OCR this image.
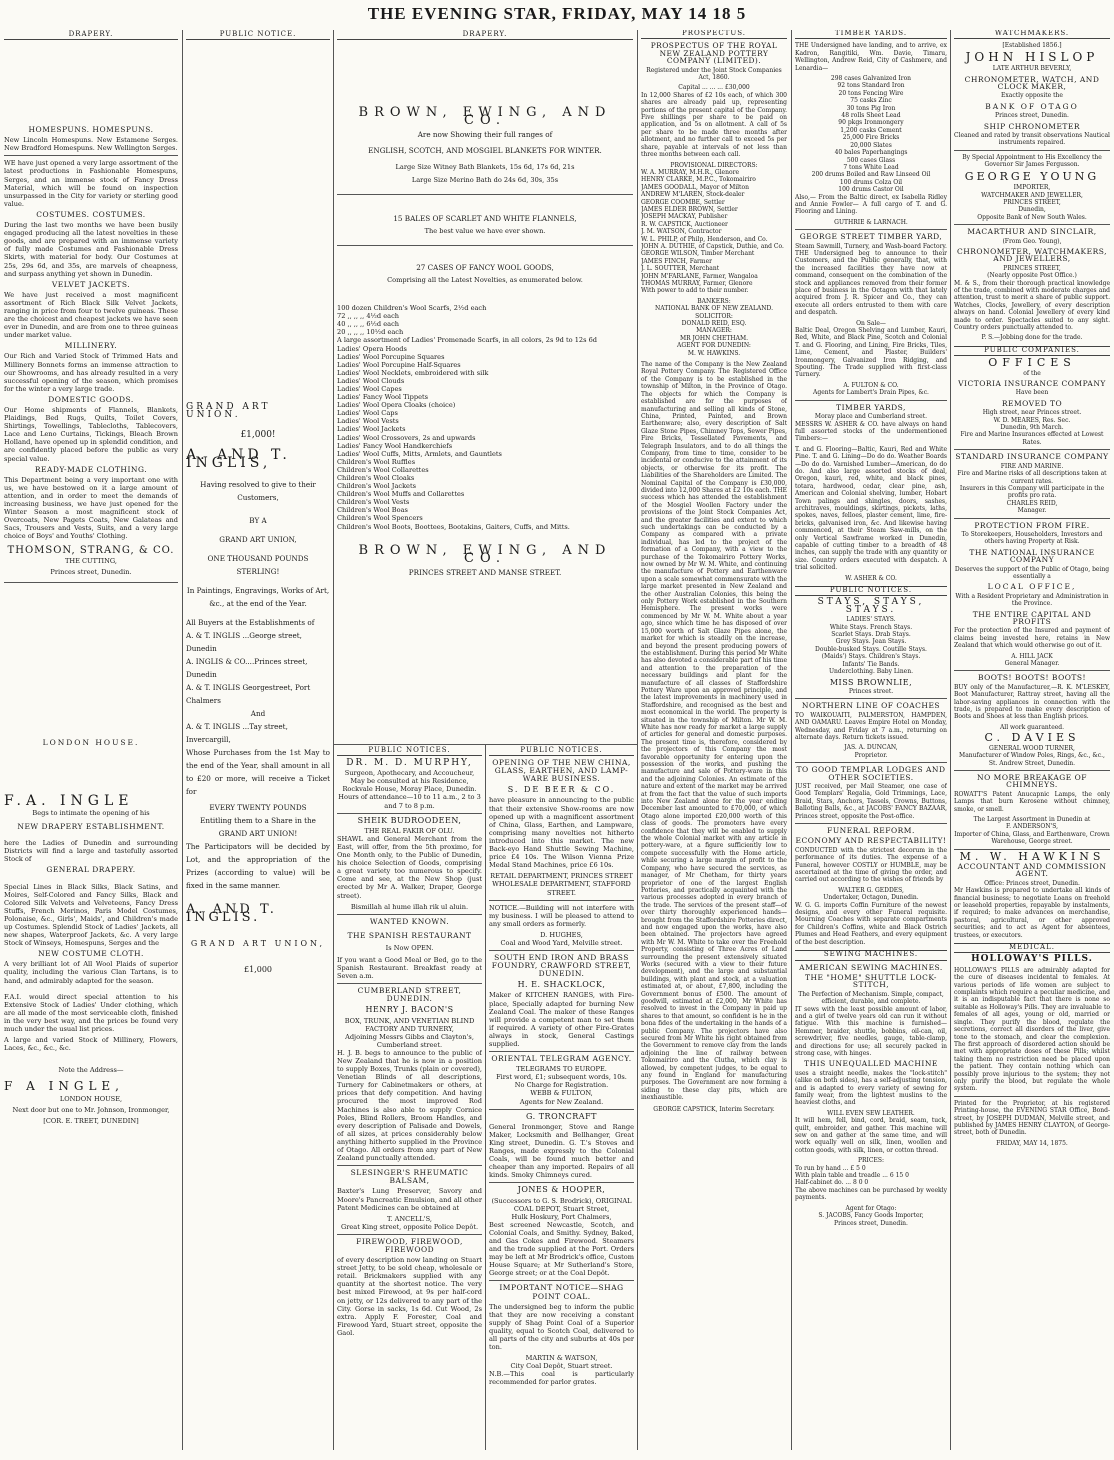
THE EVENING STAR, FRIDAY, MAY 14 18 5
DRAPERY.
HOMESPUNS. HOMESPUNS.
New Lincoln Homespuns. New Estamene Serges. New Bradford Homespuns. New Wellington Serges.
WE have just opened a very large assortment of the latest productions in Fashionable Homespuns, Serges, and an immense stock of Fancy Dress Material, which will be found on inspection unsurpassed in the City for variety or sterling good value.
COSTUMES. COSTUMES.
During the last two months we have been busily engaged producing all the latest novelties in these goods, and are prepared with an immense variety of fully made Costumes and Fashionable Dress Skirts, with material for body. Our Costumes at 25s, 29s 6d, and 35s, are marvels of cheapness, and surpass anything yet shown in Dunedin.
VELVET JACKETS.
We have just received a most magnificent assortment of Rich Black Silk Velvet Jackets, ranging in price from four to twelve guineas. These are the choicest and cheapest jackets we have seen ever in Dunedin, and are from one to three guineas under market value.
MILLINERY.
Our Rich and Varied Stock of Trimmed Hats and Millinery Bonnets forms an immense attraction to our Showrooms, and has already resulted in a very successful opening of the season, which promises for the winter a very large trade.
DOMESTIC GOODS.
Our Home shipments of Flannels, Blankets, Plaidings, Bed Rugs, Quilts, Toilet Covers, Shirtings, Towellings, Tablecloths, Tablecovers, Lace and Leno Curtains, Tickings, Bleach Brown Holland, have opened up in splendid condition, and are confidently placed before the public as very special value.
READY-MADE CLOTHING.
This Department being a very important one with us, we have bestowed on it a large amount of attention, and in order to meet the demands of increasing business, we have just opened for the Winter Season a most magnificent stock of Overcoats, New Pagets Coats, New Galateas and Sacs, Trousers and Vests, Suits, and a very large choice of Boys' and Youths' Clothing.
THOMSON, STRANG, & CO.
THE CUTTING,
Princes street, Dunedin.
LONDON HOUSE.
F.A. INGLE
Begs to intimate the opening of his
NEW DRAPERY ESTABLISHMENT.
here the Ladies of Dunedin and surrounding Districts will find a large and tastefully assorted Stock of
GENERAL DRAPERY.
Special Lines in Black Silks, Black Satins, and Moires, Self-Colored and Fancy Silks, Black and Colored Silk Velvets and Velveteens, Fancy Dress Stuffs, French Merinos, Paris Model Costumes, Polonaise, &c., Girls', Maids', and Children's made up Costumes. Splendid Stock of Ladies' Jackets, all new shapes, Waterproof Jackets, &c. A very large Stock of Winseys, Homespuns, Serges and the
NEW COSTUME CLOTH.
A very brilliant lot of All Wool Plaids of superior quality, including the various Clan Tartans, is to hand, and admirably adapted for the season.
F.A.I. would direct special attention to his Extensive Stock of Ladies' Under clothing, which are all made of the most serviceable cloth, finished in the very best way, and the prices be found very much under the usual list prices.
A large and varied Stock of Millinery, Flowers, Laces, &c., &c., &c.
Note the Address—
F A INGLE,
LONDON HOUSE,
Next door but one to Mr. Johnson, Ironmonger,
[COR. E. TREET, DUNEDIN]
PUBLIC NOTICE.
GRAND ART UNION.
£1,000!
A. AND T. INGLIS,
Having resolved to give to their Customers,
BY A
GRAND ART UNION,
ONE THOUSAND POUNDS STERLING!
In Paintings, Engravings, Works of Art, &c., at the end of the Year.
All Buyers at the Establishments of
A. & T. INGLIS ...George street, Dunedin
A. INGLIS & CO....Princes street, Dunedin
A. & T. INGLIS Georgestreet, Port Chalmers
And
A. & T. INGLIS ...Tay street, Invercargill,
Whose Purchases from the 1st May to the end of the Year, shall amount in all to £20 or more, will receive a Ticket for
EVERY TWENTY POUNDS
Entitling them to a Share in the
GRAND ART UNION!
The Participators will be decided by Lot, and the appropriation of the Prizes (according to value) will be fixed in the same manner.
A. AND T. INGLIS.
GRAND ART UNION,
£1,000
DRAPERY.
BROWN, EWING, AND CO.
Are now Showing their full ranges of
ENGLISH, SCOTCH, AND MOSGIEL BLANKETS FOR WINTER.
Large Size Witney Bath Blankets, 15s 6d, 17s 6d, 21s
Large Size Merino Bath do 24s 6d, 30s, 35s
15 BALES OF SCARLET AND WHITE FLANNELS,
The best value we have ever shown.
27 CASES OF FANCY WOOL GOODS,
Comprising all the Latest Novelties, as enumerated below.
100 dozen Children's Wool Scarfs, 2½d each
72 ,, ,, ,, 4½d each
40 ,, ,, ,, 6½d each
20 ,, ,, ,, 10½d each
A large assortment of Ladies' Promenade Scarfs, in all colors, 2s 9d to 12s 6d
Ladies' Opera Hoods
Ladies' Wool Porcupine Squares
Ladies' Wool Porcupine Half-Squares
Ladies' Wool Necklets, embroidered with silk
Ladies' Wool Clouds
Ladies' Wool Capes
Ladies' Fancy Wool Tippets
Ladies' Wool Opera Cloaks (choice)
Ladies' Wool Caps
Ladies' Wool Vests
Ladies' Wool Jackets
Ladies' Wool Crossovers, 2s and upwards
Ladies' Fancy Wool Handkerchiefs
Ladies' Wool Cuffs, Mitts, Armlets, and Gauntlets
Children's Wool Ruffles
Children's Wool Collarettes
Children's Wool Cloaks
Children's Wool Jackets
Children's Wool Muffs and Collarettes
Children's Wool Vests
Children's Wool Boas
Children's Wool Spencers
Children's Wool Boots, Boottees, Bootakins, Gaiters, Cuffs, and Mitts.
BROWN, EWING, AND CO.
PRINCES STREET AND MANSE STREET.
PUBLIC NOTICES.
DR. M. D. MURPHY,
Surgeon, Apothecary, and Accoucheur, May be consulted at his Residence, Rockvale House, Moray Place, Dunedin. Hours of attendance—10 to 11 a.m., 2 to 3 and 7 to 8 p.m.
SHEIK BUDROODEEN,
THE REAL FAKIR OF OLU.
SHAWL and General Merchant from the East, will offer, from the 5th proximo, for One Month only, to the Public of Dunedin, his choice Selection of Goods, comprising a great variety too numerous to specify. Come and see, at the New Shop (just erected by Mr A. Walker, Draper, George street).
Bismillah al hume illah rik ul aluin.
WANTED KNOWN.
THE SPANISH RESTAURANT
Is Now OPEN.
If you want a Good Meal or Bed, go to the Spanish Restaurant. Breakfast ready at Seven a.m.
CUMBERLAND STREET, DUNEDIN.
HENRY J. BACON'S
BOX, TRUNK, AND VENETIAN BLIND FACTORY AND TURNERY,
Adjoining Messrs Gibbs and Clayton's, Cumberland street.
H. J. B. begs to announce to the public of New Zealand that he is now in a position to supply Boxes, Trunks (plain or covered), Venetian Blinds of all descriptions, Turnery for Cabinetmakers or others, at prices that defy competition. And having procured the most improved Rod Machines is also able to supply Cornice Poles, Blind Rollers, Broom Handles, and every description of Palisade and Dowels, of all sizes, at prices considerably below anything hitherto supplied in the Province of Otago. All orders from any part of New Zealand punctually attended.
SLESINGER'S RHEUMATIC BALSAM,
Baxter's Lung Preserver, Savory and Moore's Pancreatic Emulsion, and all other Patent Medicines can be obtained at
T. ANCELL'S,
Great King street, opposite Police Depôt.
FIREWOOD, FIREWOOD, FIREWOOD
of every description now landing on Stuart street Jetty, to be sold cheap, wholesale or retail. Brickmakers supplied with any quantity at the shortest notice. The very best mixed Firewood, at 9s per half-cord on jetty, or 12s delivered to any part of the City. Gorse in sacks, 1s 6d. Cut Wood, 2s extra. Apply F. Forester, Coal and Firewood Yard, Stuart street, opposite the Gaol.
PUBLIC NOTICES.
OPENING OF THE NEW CHINA, GLASS, EARTHEN, AND LAMP-WARE BUSINESS.
S. DE BEER & CO.
have pleasure in announcing to the public that their extensive Show-rooms are now opened up with a magnificent assortment of China, Glass, Earthen, and Lampware, comprising many novelties not hitherto introduced into this market. The new Back-eyo Hand Shuttle Sewing Machine, price £4 10s. The Wilson Vienna Prize Medal Stand Machines, price £6 10s.
RETAIL DEPARTMENT, PRINCES STREET
WHOLESALE DEPARTMENT, STAFFORD STREET.
NOTICE.—Building will not interfere with my business. I will be pleased to attend to any small orders as formerly.
D. HUGHES,
Coal and Wood Yard, Melville street.
SOUTH END IRON AND BRASS FOUNDRY, CRAWFORD STREET, DUNEDIN.
H. E. SHACKLOCK,
Maker of KITCHEN RANGES, with Fire-place, Specially adapted for burning New Zealand Coal. The maker of these Ranges will provide a competent man to set them if required. A variety of other Fire-Grates always in stock, General Castings supplied.
ORIENTAL TELEGRAM AGENCY.
TELEGRAMS TO EUROPE.
First word, £1; subsequent words, 10s.
No Charge for Registration.
WEBB & FULTON,
Agents for New Zealand.
G. TRONCRAFT
General Ironmonger, Stove and Range Maker, Locksmith and Bellhanger, Great King street, Dunedin. G. T.'s Stoves and Ranges, made expressly to the Colonial Coals, will be found much better and cheaper than any imported. Repairs of all kinds. Smoky Chimneys cured.
JONES & HOOPER,
(Successors to G. S. Brodrick), ORIGINAL COAL DEPOT, Stuart Street,
Hulk Hoskury, Port Chalmers,
Best screened Newcastle, Scotch, and Colonial Coals, and Smithy. Sydney, Baked, and Gas Cokes and Firewood. Steamers and the trade supplied at the Port. Orders may be left at Mr Brodrick's office, Custom House Square; at Mr Sutherland's Store, George street; or at the Coal Depôt.
IMPORTANT NOTICE—SHAG POINT COAL.
The undersigned beg to inform the public that they are now receiving a constant supply of Shag Point Coal of a Superior quality, equal to Scotch Coal, delivered to all parts of the city and suburbs at 40s per ton.
MARTIN & WATSON,
City Coal Depôt, Stuart street.
N.B.—This coal is particularly recommended for parlor grates.
PROSPECTUS.
PROSPECTUS OF THE ROYAL NEW ZEALAND POTTERY COMPANY (LIMITED).
Registered under the Joint Stock Companies Act, 1860.
Capital ... ... ... £30,000
In 12,000 Shares of £2 10s each, of which 300 shares are already paid up, representing portions of the present capital of the Company. Five shillings per share to be paid on application, and 5s on allotment. A call of 5s per share to be made three months after allotment, and no further call to exceed 5s per share, payable at intervals of not less than three months between each call.
PROVISIONAL DIRECTORS:
W. A. MURRAY, M.H.R., Glenore
HENRY CLARKE, M.P.C., Tokomairiro
JAMES GOODALL, Mayor of Milton
ANDREW M'LAREN, Stock-dealer
GEORGE COOMBE, Settler
JAMES ELDER BROWN, Settler
JOSEPH MACKAY, Publisher
R. W. CAPSTICK, Auctioneer
J. M. WATSON, Contractor
W. L. PHILP, of Philp, Henderson, and Co.
JOHN A. DUTHIE, of Capstick, Duthie, and Co.
GEORGE WILSON, Timber Merchant
JAMES FINCH, Farmer
J. L. SOUTTER, Merchant
JOHN M'FARLANE, Farmer, Wangaloa
THOMAS MURRAY, Farmer, Glenore
With power to add to their number.
BANKERS:
NATIONAL BANK OF NEW ZEALAND.
SOLICITOR:
DONALD REID, ESQ.
MANAGER:
MR JOHN CHETHAM.
AGENT FOR DUNEDIN:
M. W. HAWKINS.
The name of the Company is the New Zealand Royal Pottery Company. The Registered Office of the Company is to be established in the township of Milton, in the Province of Otago. The objects for which the Company is established are for the purposes of manufacturing and selling all kinds of Stone, China, Printed, Painted, and Brown Earthenware; also, every description of Salt Glaze Stone Pipes, Chimney Tops, Sewer Pipes, Fire Bricks, Tessellated Pavements, and Telegraph Insulators, and to do all things the Company, from time to time, consider to be incidental or conducive to the attainment of its objects, or otherwise for its profit. The Liabilities of the Shareholders are Limited. The Nominal Capital of the Company is £30,000, divided into 12,000 Shares at £2 10s each. THE success which has attended the establishment of the Mosgiel Woollen Factory under the provisions of the Joint Stock Companies Act, and the greater facilities and extent to which such undertakings can be conducted by a Company as compared with a private individual, has led to the project of the formation of a Company, with a view to the purchase of the Tokomairiro Pottery Works, now owned by Mr W. M. White, and continuing the manufacture of Pottery and Earthenware upon a scale somewhat commensurate with the large market presented in New Zealand and the other Australian Colonies, this being the only Pottery Work established in the Southern Hemisphere. The present works were commenced by Mr W. M. White about a year ago, since which time he has disposed of over 15,000 worth of Salt Glaze Pipes alone, the market for which is steadily on the increase, and beyond the present producing powers of the establishment. During this period Mr White has also devoted a considerable part of his time and attention to the preparation of the necessary buildings and plant for the manufacture of all classes of Staffordshire Pottery Ware upon an approved principle, and the latest improvements in machinery used in Staffordshire, and recognised as the best and most economical in the world. The property is situated in the township of Milton. Mr W. M. White has now ready for market a large supply of articles for general and domestic purposes. The present time is, therefore, considered by the projectors of this Company the most favorable opportunity for entering upon the possession of the works, and pushing the manufacture and sale of Pottery-ware in this and the adjoining Colonies. An estimate of the nature and extent of the market may be arrived at from the fact that the value of such imports into New Zealand alone for the year ending December last amounted to £70,000, of which Otago alone imported £20,000 worth of this class of goods. The promoters have every confidence that they will be enabled to supply the whole Colonial market with any article in pottery-ware, at a figure sufficiently low to compete successfully with the Home article, while securing a large margin of profit to the Company, who have secured the services, as manager, of Mr Chetham, for thirty years proprietor of one of the largest English Potteries, and practically acquainted with the various processes adopted in every branch of the trade. The services of the present staff—of over thirty thoroughly experienced hands—brought from the Staffordshire Potteries direct, and now engaged upon the works, have also been obtained. The projectors have agreed with Mr W. M. White to take over the Freehold Property, consisting of Three Acres of Land surrounding the present extensively situated Works (secured with a view to their future development), and the large and substantial buildings, with plant and stock, at a valuation estimated at, or about, £7,800, including the Government bonus of £500. The amount of goodwill, estimated at £2,000, Mr White has resolved to invest in the Company in paid up shares to that amount, so confident is he in the bona fides of the undertaking in the hands of a public Company. The projectors have also secured from Mr White his right obtained from the Government to remove clay from the lands adjoining the line of railway between Tokomairiro and the Clutha, which clay is allowed, by competent judges, to be equal to any found in England for manufacturing purposes. The Government are now forming a siding to these clay pits, which are inexhaustible.
GEORGE CAPSTICK, Interim Secretary.
TIMBER YARDS.
THE Undersigned have landing, and to arrive, ex Kadron, Rangitiki, Wm. Davie, Timaru, Wellington, Andrew Reid, City of Cashmere, and Lenardia—
298 cases Galvanized Iron
92 tons Standard Iron
20 tons Fencing Wire
75 casks Zinc
30 tons Pig Iron
48 rolls Sheet Lead
90 pkgs Ironmongery
1,200 casks Cement
25,000 Fire Bricks
20,000 Slates
40 bales Paperhangings
500 cases Glass
7 tons White Lead
200 drums Boiled and Raw Linseed Oil
100 drums Colza Oil
100 drums Castor Oil
Also,— From the Baltic direct, ex Isabella Ridley and Annie Fowler— A full cargo of T. and G. Flooring and Lining.
GUTHRIE & LARNACH.
GEORGE STREET TIMBER YARD,
Steam Sawmill, Turnery, and Wash-board Factory.
THE Undersigned beg to announce to their Customers, and the Public generally, that, with the increased facilities they have now at command, consequent on the combination of the stock and appliances removed from their former place of business in the Octagon with that lately acquired from J. R. Spicer and Co., they can execute all orders entrusted to them with care and despatch.
On Sale—
Baltic Deal, Oregon Shelving and Lumber, Kauri, Red, White, and Black Pine, Scotch and Colonial T. and G. Flooring, and Lining, Fire Bricks, Tiles, Lime, Cement, and Plaster, Builders' Ironmongery, Galvanized Iron Ridging, and Spouting. The Trade supplied with first-class Turnery.
A. FULTON & CO.
Agents for Lambert's Drain Pipes, &c.
TIMBER YARDS,
Moray place and Cumberland street.
MESSRS W. ASHER & CO. have always on hand full assorted stocks of the undermentioned Timbers:—
T. and G. Flooring—Baltic, Kauri, Red and White Pine. T. and G. Lining—Do do do. Weather Boards—Do do do. Varnished Lumber—American, do do do. And also large assorted stocks of deal, Oregon, kauri, red, white, and black pines, totara, hardwood, cedar, clear pine, ash, American and Colonial shelving, lumber, Hobart Town palings and shingles, doors, sashes, architraves, mouldings, skirtings, pickets, laths, spokes, naves, felloes, plaster cement, lime, fire-bricks, galvanised iron, &c. And likewise having commenced, at their Steam Saw-mills, on the only Vertical Sawframe worked in Dunedin, capable of cutting timber to a breadth of 48 inches, can supply the trade with any quantity or size. Country orders executed with despatch. A trial solicited.
W. ASHER & CO.
PUBLIC NOTICES.
STAYS, STAYS, STAYS.
LADIES' STAYS.
White Stays. French Stays.
Scarlet Stays. Drab Stays.
Grey Stays. Jean Stays.
Double-busked Stays. Coutille Stays.
(Maids') Stays. Children's Stays.
Infants' Tie Bands.
Underclothing. Baby Linen.
MISS BROWNLIE,
Princes street.
NORTHERN LINE OF COACHES
TO WAIKOUAITI, PALMERSTON, HAMPDEN, AND OAMARU. Leaves Empire Hotel on Monday, Wednesday, and Friday at 7 a.m., returning on alternate days. Return tickets issued.
JAS. A. DUNCAN,
Proprietor.
TO GOOD TEMPLAR LODGES AND OTHER SOCIETIES.
JUST received, per Mail Steamer, one case of Good Templars' Regalia, Gold Trimmings, Lace, Braid, Stars, Anchors, Tassels, Crowns, Buttons, Balloting Balls, &c., at JACOBS' FANCY BAZAAR, Princes street, opposite the Post-office.
FUNERAL REFORM.
ECONOMY AND RESPECTABILITY!
CONDUCTED with the strictest decorum in the performance of its duties. The expense of a Funeral, however COSTLY or HUMBLE, may be ascertained at the time of giving the order, and carried out according to the wishes of friends by
WALTER G. GEDDES,
Undertaker, Octagon, Dunedin.
W. G. G. imports Coffin Furniture of the newest designs, and every other Funeral requisite. Mourning Coaches with separate compartments for Children's Coffins, white and Black Ostrich Plumes and Head Feathers, and every equipment of the best description.
SEWING MACHINES.
AMERICAN SEWING MACHINES.
THE "HOME" SHUTTLE LOCK-STITCH,
The Perfection of Mechanism. Simple, compact, efficient, durable, and complete.
IT sews with the least possible amount of labor, and a girl of twelve years old can run it without fatigue. With this machine is furnished—Hemmer, braider, shuttle, bobbins, oil-can, oil, screwdriver, five needles, gauge, table-clamp, and directions for use; all securely packed in strong case, with hinges.
THIS UNEQUALLED MACHINE
uses a straight needle, makes the "lock-stitch" (alike on both sides), has a self-adjusting tension, and is adapted to every variety of sewing for family wear, from the lightest muslins to the heaviest cloths, and
WILL EVEN SEW LEATHER.
It will hem, fell, bind, cord, braid, seam, tuck, quilt, embroider, and gather. This machine will sew on and gather at the same time, and will work equally well on silk, linen, woollen and cotton goods, with silk, linen, or cotton thread.
PRICES:
To run by hand ... £ 5 0
With plain table and treadle ... 6 15 0
Half-cabinet do. ... 8 0 0
The above machines can be purchased by weekly payments.
Agent for Otago:
S. JACOBS, Fancy Goods Importer,
Princes street, Dunedin.
WATCHMAKERS.
[Established 1856.]
JOHN HISLOP
LATE ARTHUR BEVERLY,
CHRONOMETER, WATCH, AND CLOCK MAKER,
Exactly opposite the
BANK OF OTAGO
Princes street, Dunedin.
SHIP CHRONOMETER
Cleaned and rated by transit observations Nautical instruments repaired.
By Special Appointment to His Excellency the Governor Sir James Fergusson.
GEORGE YOUNG
IMPORTER,
WATCHMAKER AND JEWELLER,
PRINCES STREET,
Dunedin,
Opposite Bank of New South Wales.
MACARTHUR AND SINCLAIR,
(From Geo. Young),
CHRONOMETER, WATCHMAKERS, AND JEWELLERS,
PRINCES STREET,
(Nearly opposite Post Office.)
M. & S., from their thorough practical knowledge of the trade, combined with moderate charges and attention, trust to merit a share of public support. Watches, Clocks, Jewellery, of every description always on hand. Colonial Jewellery of every kind made to order. Spectacles suited to any sight. Country orders punctually attended to.
P. S.—Jobbing done for the trade.
PUBLIC COMPANIES.
OFFICES
of the
VICTORIA INSURANCE COMPANY
Have been
REMOVED TO
High street, near Princes street.
W. D. MEARES, Res. Sec.
Dunedin, 9th March.
Fire and Marine Insurances effected at Lowest Rates.
STANDARD INSURANCE COMPANY
FIRE AND MARINE.
Fire and Marine risks of all descriptions taken at current rates.
Insurers in this Company will participate in the profits pro rata.
CHARLES REID,
Manager.
PROTECTION FROM FIRE.
To Storekeepers, Householders, Investors and others having Property at Risk.
THE NATIONAL INSURANCE COMPANY
Deserves the support of the Public of Otago, being essentially a
LOCAL OFFICE,
With a Resident Proprietary and Administration in the Province.
THE ENTIRE CAPITAL AND PROFITS
For the protection of the Insured and payment of claims being invested here, retains in New Zealand that which would otherwise go out of it.
A. HILL JACK
General Manager.
BOOTS! BOOTS! BOOTS!
BUY only of the Manufacturer,—R. K. M'LESKEY, Boot Manufacturer, Rattray street, having all the labor-saving appliances in connection with the trade, is prepared to make every description of Boots and Shoes at less than English prices.
All work guaranteed.
C. DAVIES
GENERAL WOOD TURNER,
Manufacturer of Window Poles, Rings, &c., &c., St. Andrew Street, Dunedin.
NO MORE BREAKAGE OF CHIMNEYS.
ROWATT'S Patent Anucapnic Lamps, the only Lamps that burn Kerosene without chimney, smoke, or smell.
The Largest Assortment in Dunedin at
F. ANDERSON'S,
Importer of China, Glass, and Earthenware, Crown Warehouse, George street.
M. W. HAWKINS
ACCOUNTANT AND COMMISSION AGENT.
Office: Princes street, Dunedin.
Mr Hawkins is prepared to undertake all kinds of financial business; to negotiate Loans on freehold or leasehold properties, repayable by instalments, if required; to make advances on merchandise, pastoral, agricultural, or other approved securities; and to act as Agent for absentees, trustees, or executors.
MEDICAL.
HOLLOWAY'S PILLS.
HOLLOWAY'S PILLS are admirably adapted for the cure of diseases incidental to females. At various periods of life women are subject to complaints which require a peculiar medicine, and it is an indisputable fact that there is none so suitable as Holloway's Pills. They are invaluable to females of all ages, young or old, married or single. They purify the blood, regulate the secretions, correct all disorders of the liver, give tone to the stomach, and clear the complexion. The first approach of disordered action should be met with appropriate doses of these Pills; whilst taking them no restriction need be placed upon the patient. They contain nothing which can possibly prove injurious to the system; they not only purify the blood, but regulate the whole system.
Printed for the Proprietor, at his registered Printing-house, the EVENING STAR Office, Bond-street, by JOSEPH DUDMAN, Melville street, and published by JAMES HENRY CLAYTON, of George-street, both of Dunedin.
FRIDAY, MAY 14, 1875.
